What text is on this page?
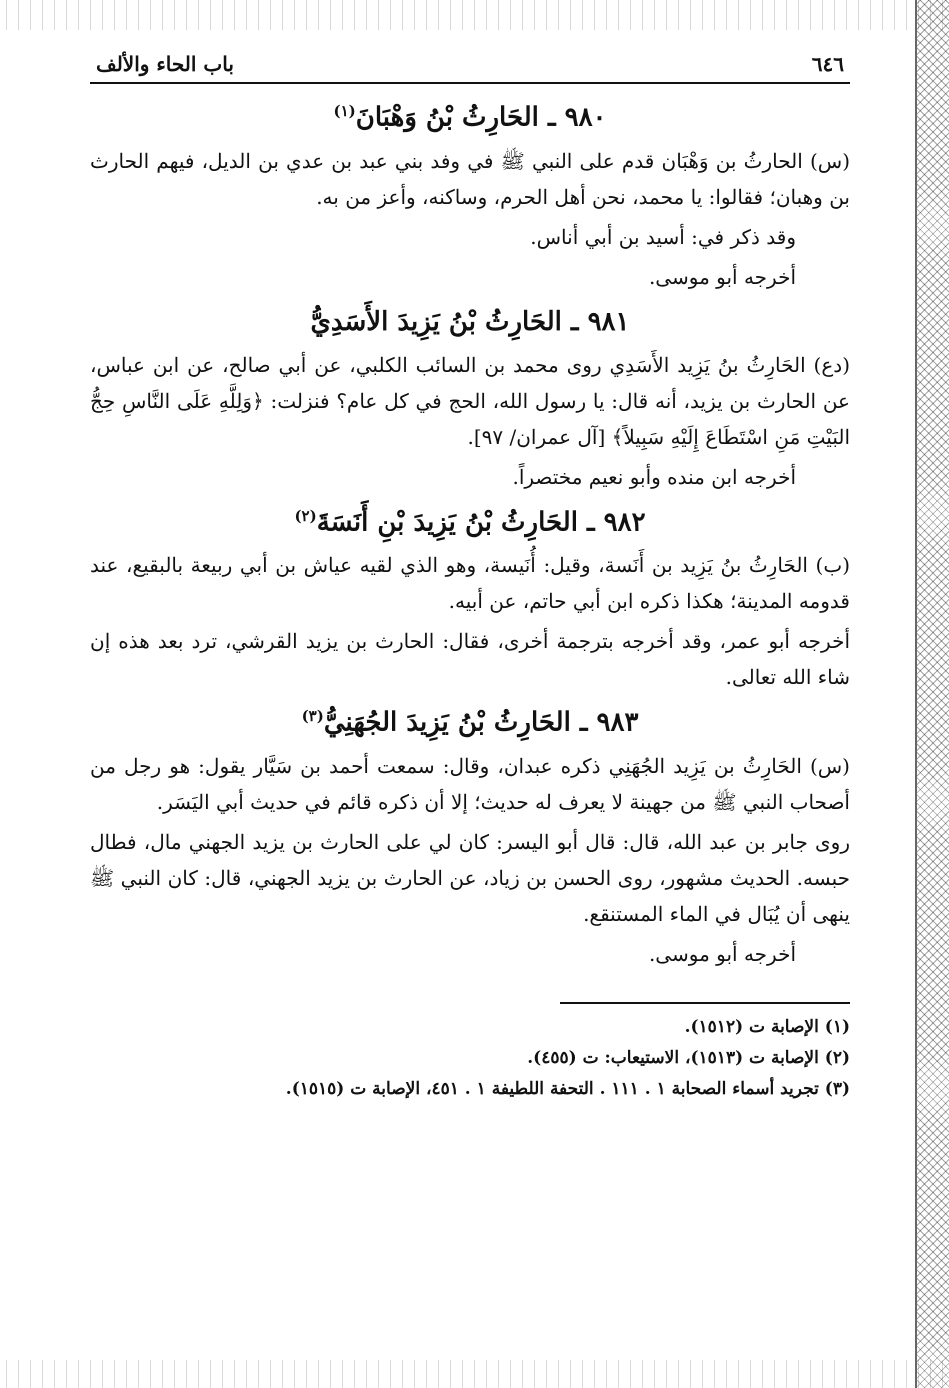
٦٤٦
باب الحاء والألف
٩٨٠ ـ الحَارِثُ بْنُ وَهْبَانَ$^{(١)}$

(س) الحارثُ بن وَهْبَان قدم على النبي ﷺ في وفد بني عبد بن عدي بن الديل، فيهم الحارث بن وهبان؛ فقالوا: يا محمد، نحن أهل الحرم، وساكنه، وأعز من به.

وقد ذكر في: أسيد بن أبي أناس.

أخرجه أبو موسى.

٩٨١ ـ الحَارِثُ بْنُ يَزِيدَ الأَسَدِيُّ

(دع) الحَارِثُ بنُ يَزِيد الأَسَدِي روى محمد بن السائب الكلبي، عن أبي صالح، عن ابن عباس، عن الحارث بن يزيد، أنه قال: يا رسول الله، الحج في كل عام؟ فنزلت: ﴿وَلِلَّهِ عَلَى النَّاسِ حِجُّ البَيْتِ مَنِ اسْتَطَاعَ إِلَيْهِ سَبِيلاً﴾ [آل عمران/ ٩٧].

أخرجه ابن منده وأبو نعيم مختصراً.

٩٨٢ ـ الحَارِثُ بْنُ يَزِيدَ بْنِ أَنَسَةَ$^{(٢)}$

(ب) الحَارِثُ بنُ يَزِيد بن أَنَسة، وقيل: أُنَيسة، وهو الذي لقيه عياش بن أبي ربيعة بالبقيع، عند قدومه المدينة؛ هكذا ذكره ابن أبي حاتم، عن أبيه.

أخرجه أبو عمر، وقد أخرجه بترجمة أخرى، فقال: الحارث بن يزيد القرشي، ترد بعد هذه إن شاء الله تعالى.

٩٨٣ ـ الحَارِثُ بْنُ يَزِيدَ الجُهَنِيُّ$^{(٣)}$

(س) الحَارِثُ بن يَزِيد الجُهَنِي ذكره عبدان، وقال: سمعت أحمد بن سَيَّار يقول: هو رجل من أصحاب النبي ﷺ من جهينة لا يعرف له حديث؛ إلا أن ذكره قائم في حديث أبي اليَسَر.

روى جابر بن عبد الله، قال: قال أبو اليسر: كان لي على الحارث بن يزيد الجهني مال، فطال حبسه. الحديث مشهور، روى الحسن بن زياد، عن الحارث بن يزيد الجهني، قال: كان النبي ﷺ ينهى أن يُبَال في الماء المستنقع.

أخرجه أبو موسى.

(١) الإصابة ت (١٥١٢).

(٢) الإصابة ت (١٥١٣)، الاستيعاب: ت (٤٥٥).

(٣) تجريد أسماء الصحابة ١ . ١١١ . التحفة اللطيفة ١ . ٤٥١، الإصابة ت (١٥١٥).
